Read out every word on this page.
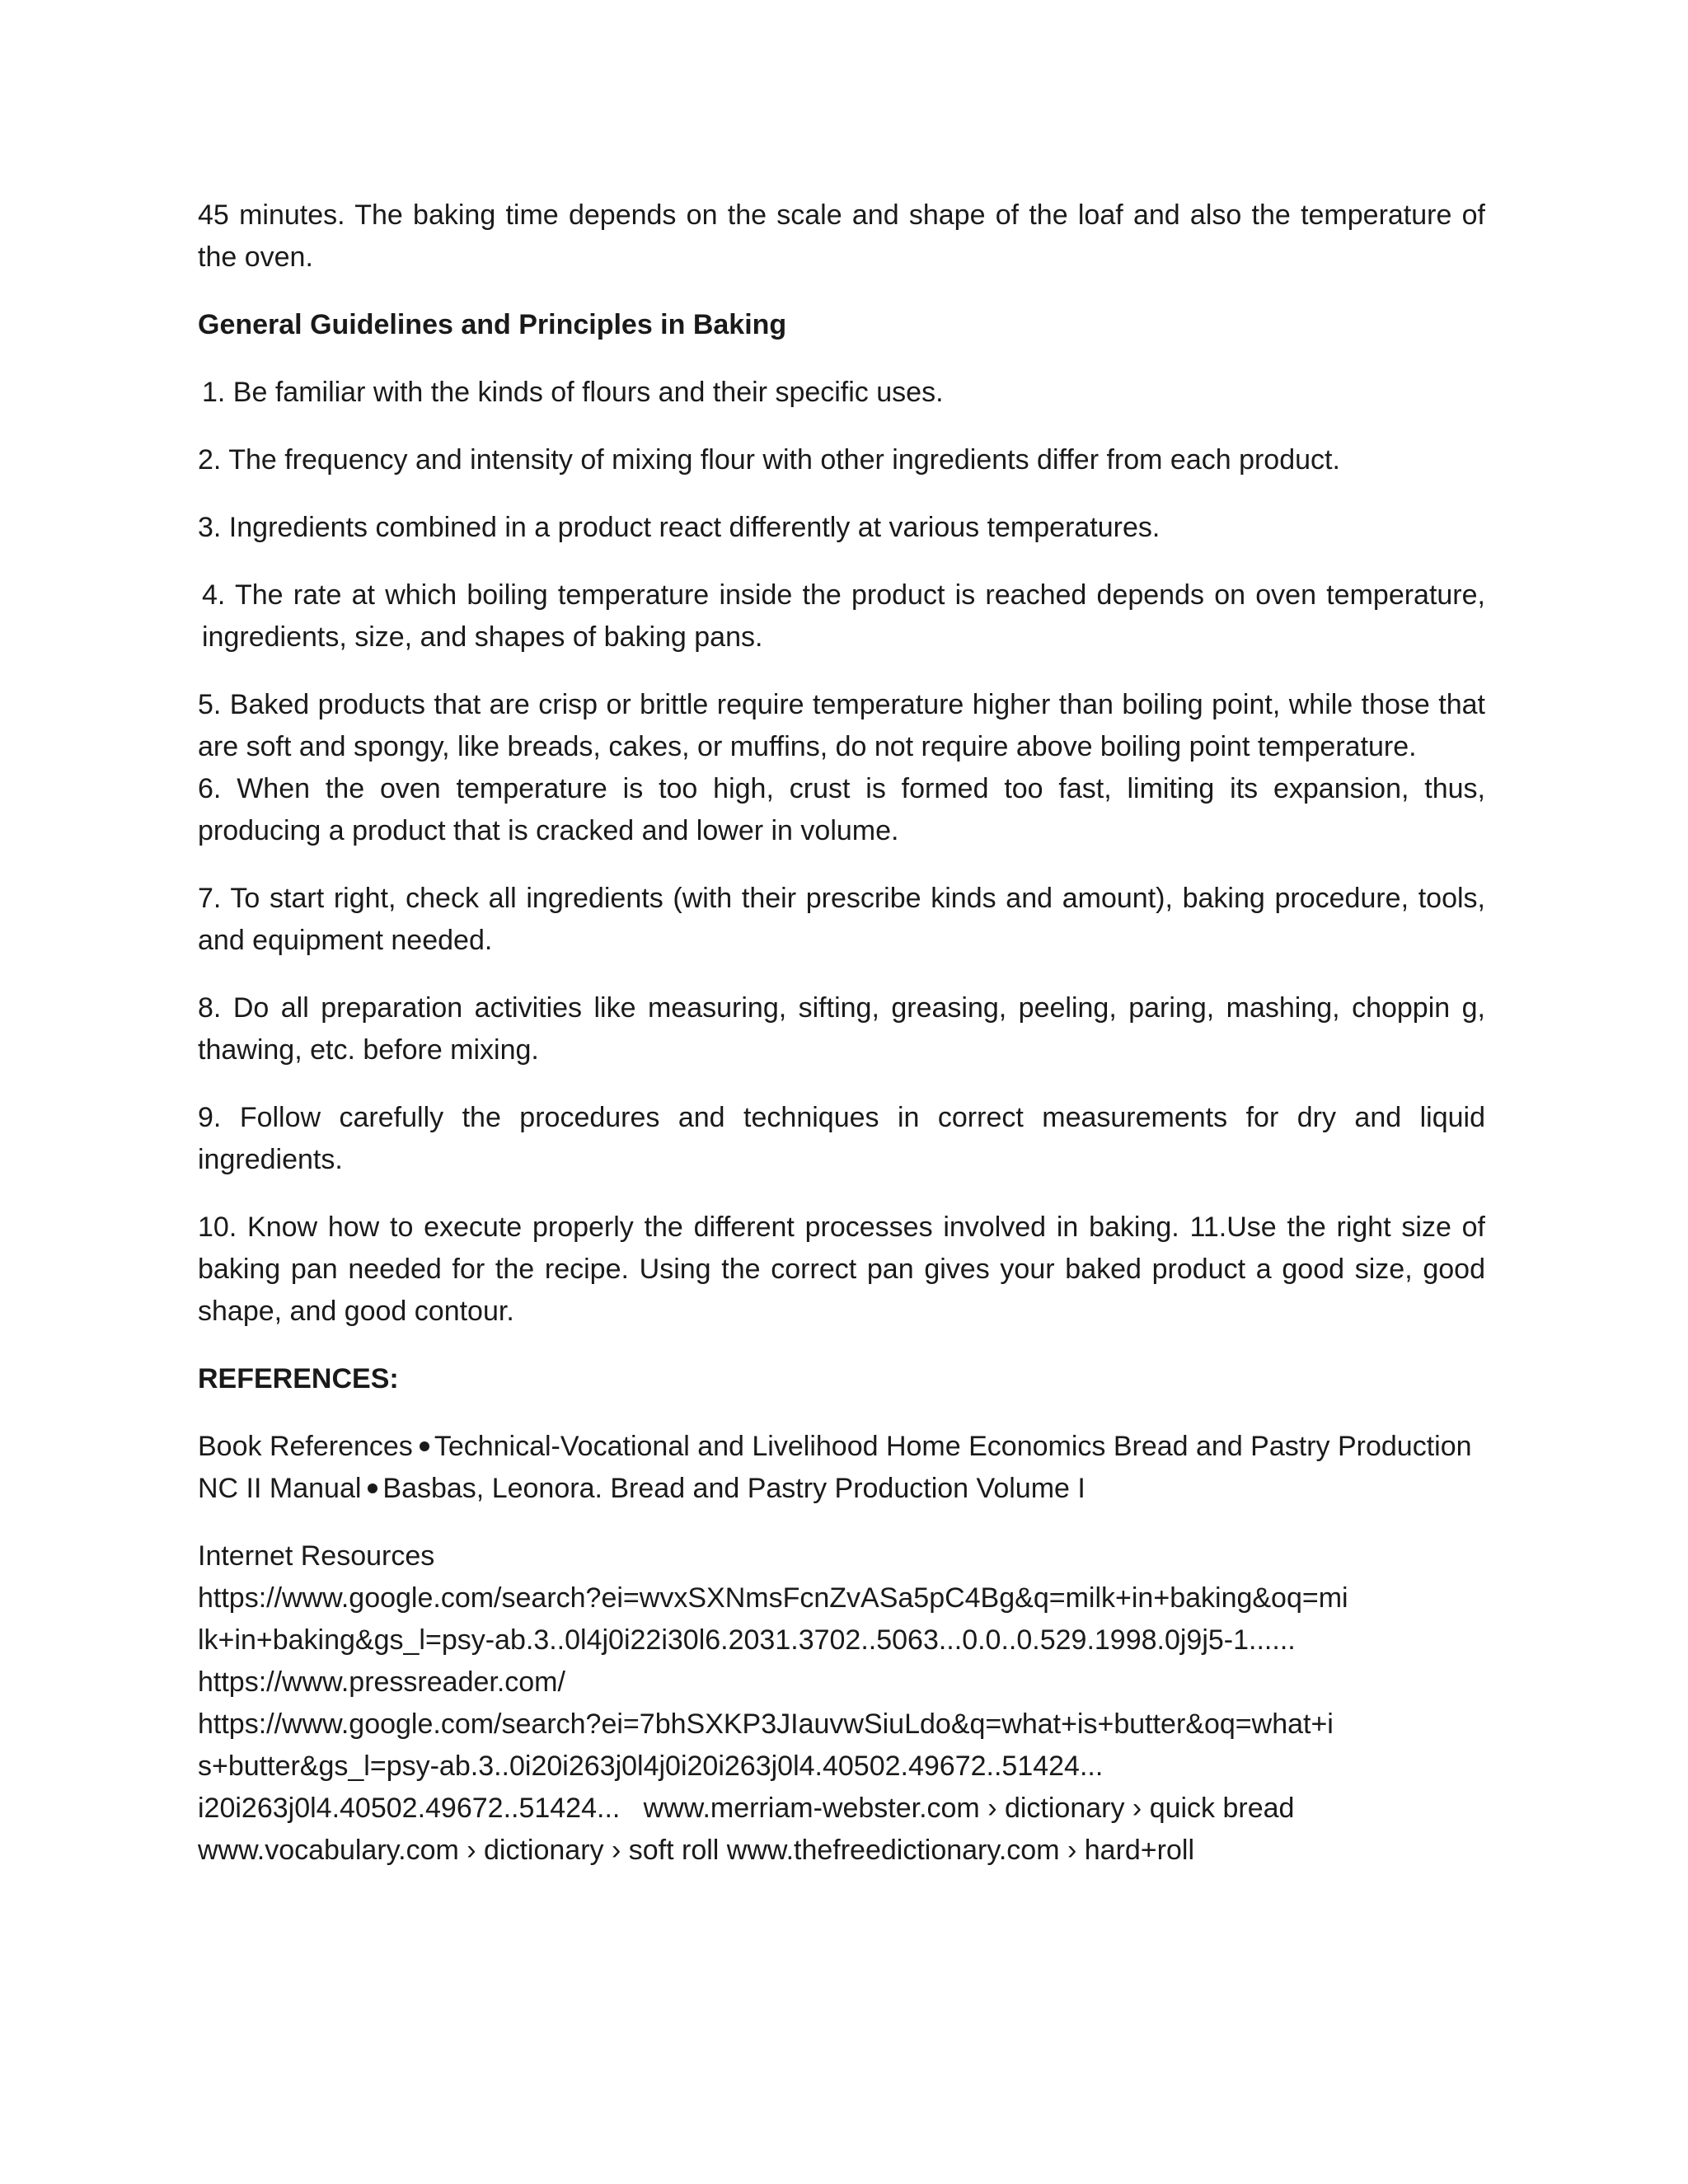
45 minutes. The baking time depends on the scale and shape of the loaf and also the temperature of the oven.

General Guidelines and Principles in Baking

1. Be familiar with the kinds of flours and their specific uses.

2. The frequency and intensity of mixing flour with other ingredients differ from each product.

3. Ingredients combined in a product react differently at various temperatures.

4. The rate at which boiling temperature inside the product is reached depends on oven temperature, ingredients, size, and shapes of baking pans.

5. Baked products that are crisp or brittle require temperature higher than boiling point, while those that are soft and spongy, like breads, cakes, or muffins, do not require above boiling point temperature.

6. When the oven temperature is too high, crust is formed too fast, limiting its expansion, thus, producing a product that is cracked and lower in volume.

7. To start right, check all ingredients (with their prescribe kinds and amount), baking procedure, tools, and equipment needed.

8. Do all preparation activities like measuring, sifting, greasing, peeling, paring, mashing, choppin g, thawing, etc. before mixing.

9. Follow carefully the procedures and techniques in correct measurements for dry and liquid ingredients.

10. Know how to execute properly the different processes involved in baking. 11.Use the right size of baking pan needed for the recipe. Using the correct pan gives your baked product a good size, good shape, and good contour.

REFERENCES:

Book References Technical-Vocational and Livelihood Home Economics Bread and Pastry Production NC II Manual Basbas, Leonora. Bread and Pastry Production Volume I

Internet Resources
https://www.google.com/search?ei=wvxSXNmsFcnZvASa5pC4Bg&q=milk+in+baking&oq=mi
lk+in+baking&gs_l=psy-ab.3..0l4j0i22i30l6.2031.3702..5063...0.0..0.529.1998.0j9j5-1......
https://www.pressreader.com/
https://www.google.com/search?ei=7bhSXKP3JIauvwSiuLdo&q=what+is+butter&oq=what+i
s+butter&gs_l=psy-ab.3..0i20i263j0l4j0i20i263j0l4.40502.49672..51424...
i20i263j0l4.40502.49672..51424...   www.merriam-webster.com › dictionary › quick bread
www.vocabulary.com › dictionary › soft roll www.thefreedictionary.com › hard+roll
